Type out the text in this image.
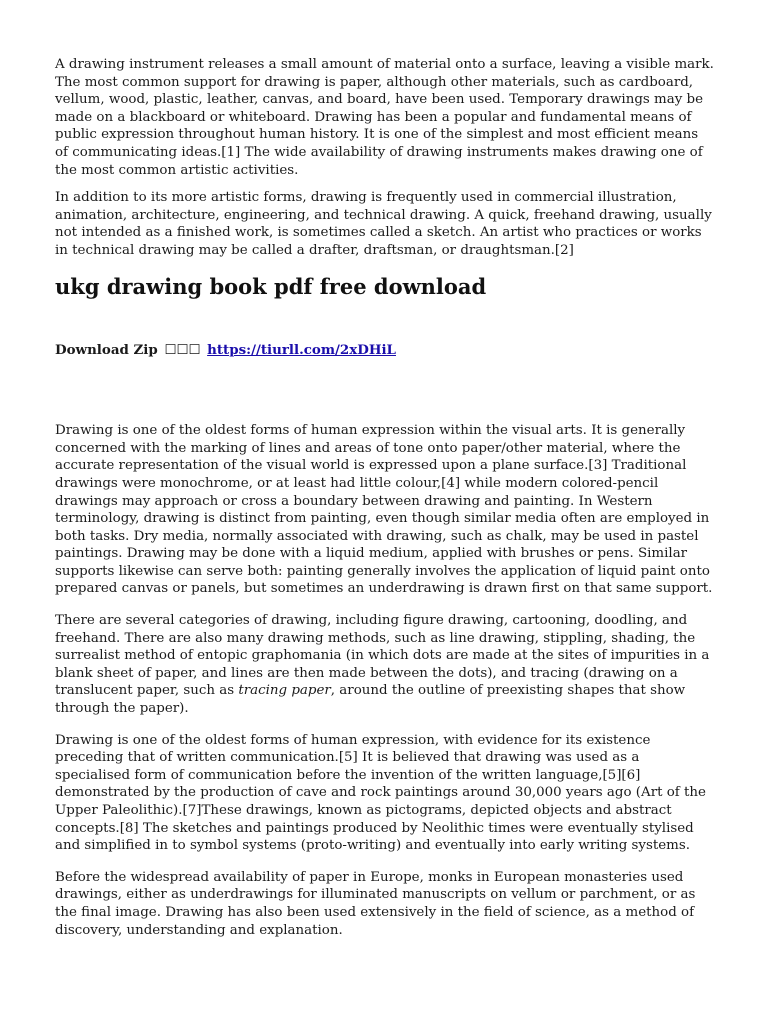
A drawing instrument releases a small amount of material onto a surface, leaving a visible mark. The most common support for drawing is paper, although other materials, such as cardboard, vellum, wood, plastic, leather, canvas, and board, have been used. Temporary drawings may be made on a blackboard or whiteboard. Drawing has been a popular and fundamental means of public expression throughout human history. It is one of the simplest and most efficient means of communicating ideas.[1] The wide availability of drawing instruments makes drawing one of the most common artistic activities.

In addition to its more artistic forms, drawing is frequently used in commercial illustration, animation, architecture, engineering, and technical drawing. A quick, freehand drawing, usually not intended as a finished work, is sometimes called a sketch. An artist who practices or works in technical drawing may be called a drafter, draftsman, or draughtsman.[2]

ukg drawing book pdf free download
Download Zip ☐☐☐ https://tiurll.com/2xDHiL

Drawing is one of the oldest forms of human expression within the visual arts. It is generally concerned with the marking of lines and areas of tone onto paper/other material, where the accurate representation of the visual world is expressed upon a plane surface.[3] Traditional drawings were monochrome, or at least had little colour,[4] while modern colored-pencil drawings may approach or cross a boundary between drawing and painting. In Western terminology, drawing is distinct from painting, even though similar media often are employed in both tasks. Dry media, normally associated with drawing, such as chalk, may be used in pastel paintings. Drawing may be done with a liquid medium, applied with brushes or pens. Similar supports likewise can serve both: painting generally involves the application of liquid paint onto prepared canvas or panels, but sometimes an underdrawing is drawn first on that same support.

There are several categories of drawing, including figure drawing, cartooning, doodling, and freehand. There are also many drawing methods, such as line drawing, stippling, shading, the surrealist method of entopic graphomania (in which dots are made at the sites of impurities in a blank sheet of paper, and lines are then made between the dots), and tracing (drawing on a translucent paper, such as tracing paper, around the outline of preexisting shapes that show through the paper).

Drawing is one of the oldest forms of human expression, with evidence for its existence preceding that of written communication.[5] It is believed that drawing was used as a specialised form of communication before the invention of the written language,[5][6] demonstrated by the production of cave and rock paintings around 30,000 years ago (Art of the Upper Paleolithic).[7]These drawings, known as pictograms, depicted objects and abstract concepts.[8] The sketches and paintings produced by Neolithic times were eventually stylised and simplified in to symbol systems (proto-writing) and eventually into early writing systems.

Before the widespread availability of paper in Europe, monks in European monasteries used drawings, either as underdrawings for illuminated manuscripts on vellum or parchment, or as the final image. Drawing has also been used extensively in the field of science, as a method of discovery, understanding and explanation.
